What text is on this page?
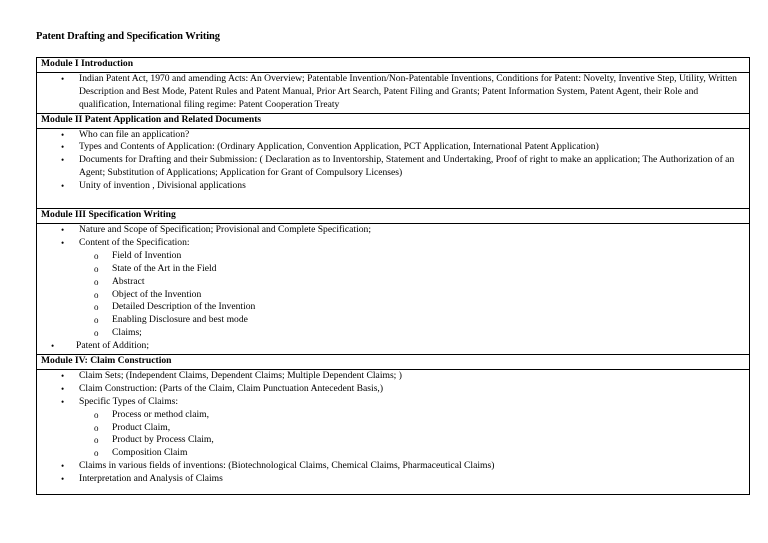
Patent Drafting and Specification Writing
Module I Introduction

• Indian Patent Act, 1970 and amending Acts: An Overview; Patentable Invention/Non-Patentable Inventions, Conditions for Patent: Novelty, Inventive Step, Utility, Written Description and Best Mode, Patent Rules and Patent Manual, Prior Art Search, Patent Filing and Grants; Patent Information System, Patent Agent, their Role and qualification, International filing regime: Patent Cooperation Treaty

Module II Patent Application and Related Documents

• Who can file an application?
• Types and Contents of Application: (Ordinary Application, Convention Application, PCT Application, International Patent Application)
• Documents for Drafting and their Submission: ( Declaration as to Inventorship, Statement and Undertaking, Proof of right to make an application; The Authorization of an Agent; Substitution of Applications; Application for Grant of Compulsory Licenses)
• Unity of invention , Divisional applications

Module III Specification Writing

• Nature and Scope of Specification; Provisional and Complete Specification;
• Content of the Specification:
o Field of Invention
o State of the Art in the Field
o Abstract
o Object of the Invention
o Detailed Description of the Invention
o Enabling Disclosure and best mode
o Claims;
• Patent of Addition;

Module IV: Claim Construction

• Claim Sets; (Independent Claims, Dependent Claims; Multiple Dependent Claims; )
• Claim Construction: (Parts of the Claim, Claim Punctuation Antecedent Basis,)
• Specific Types of Claims:
o Process or method claim,
o Product Claim,
o Product by Process Claim,
o Composition Claim
• Claims in various fields of inventions: (Biotechnological Claims, Chemical Claims, Pharmaceutical Claims)
• Interpretation and Analysis of Claims
